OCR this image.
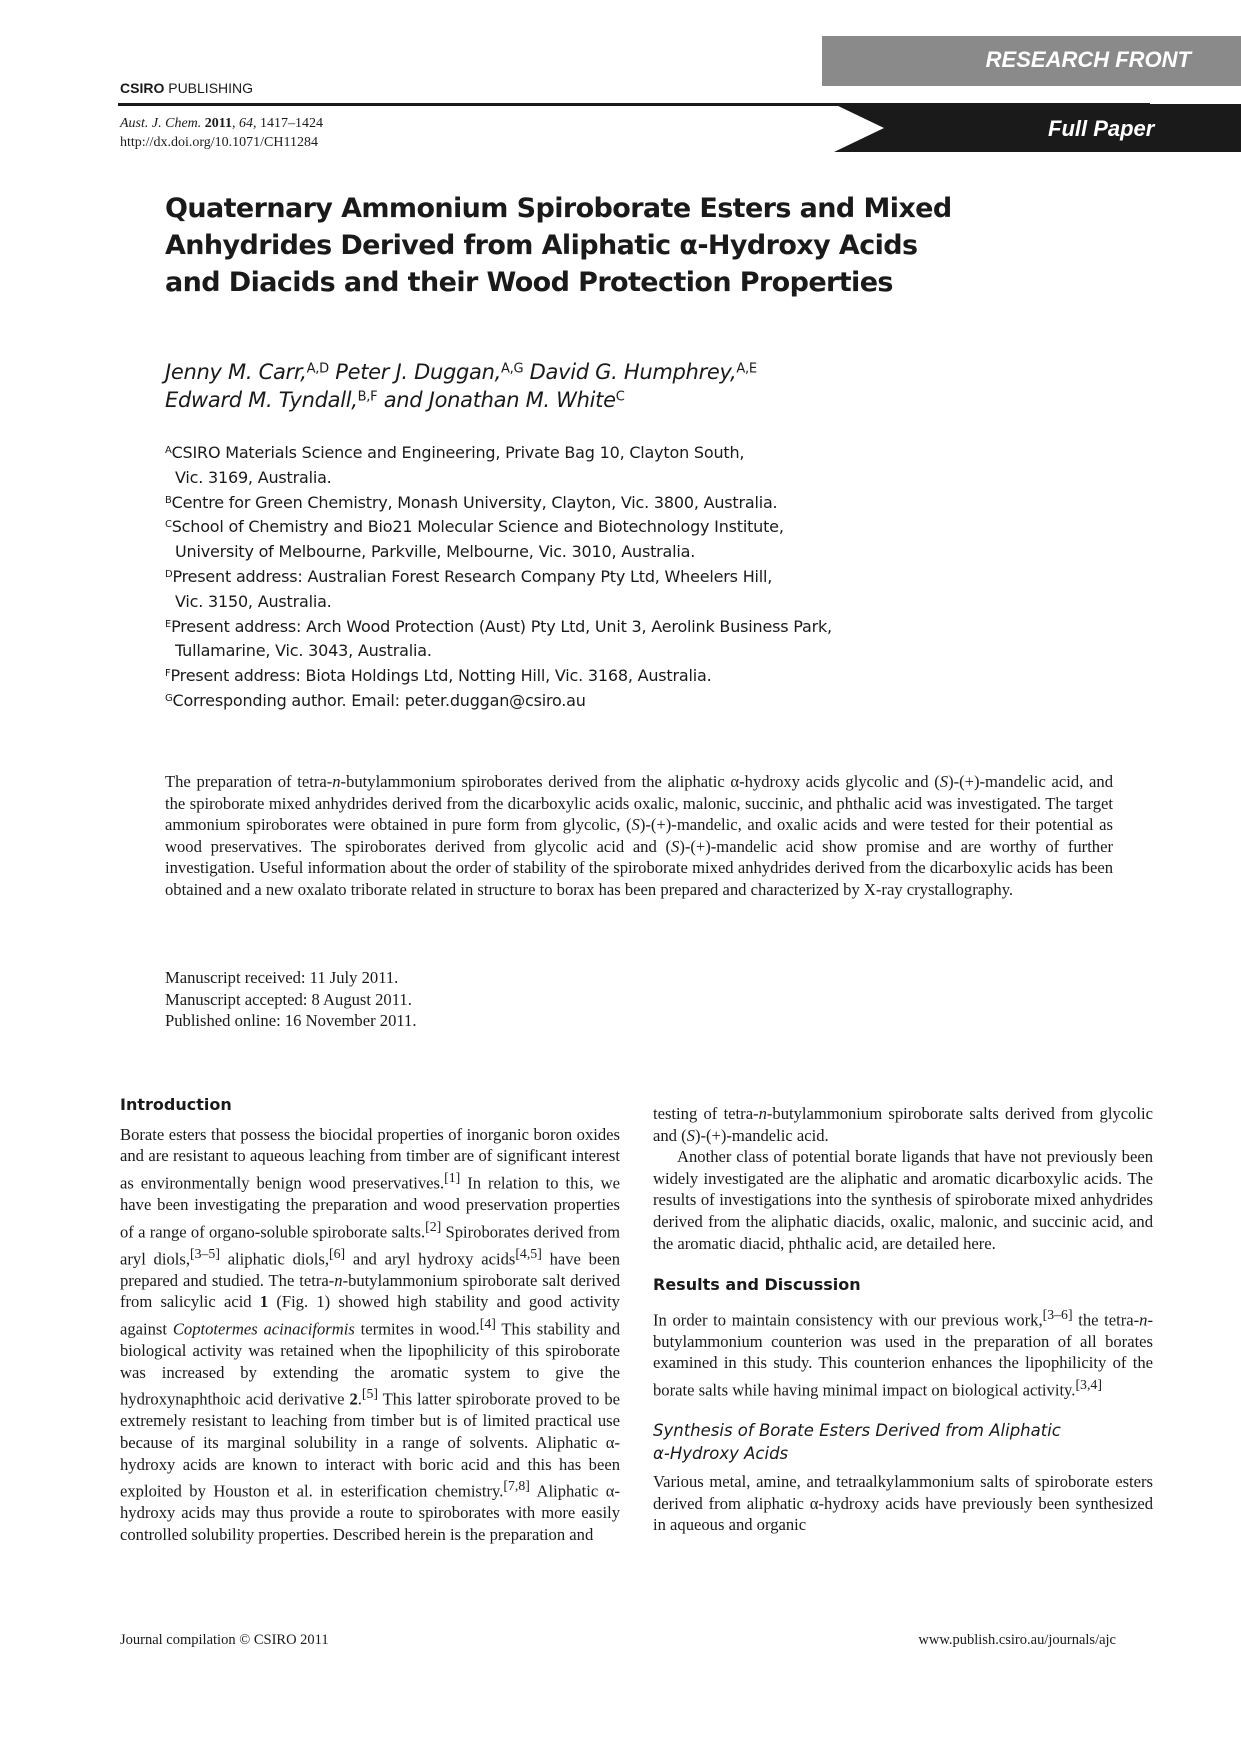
RESEARCH FRONT
CSIRO PUBLISHING
Full Paper
Aust. J. Chem. 2011, 64, 1417–1424
http://dx.doi.org/10.1071/CH11284
Quaternary Ammonium Spiroborate Esters and Mixed
Anhydrides Derived from Aliphatic α-Hydroxy Acids
and Diacids and their Wood Protection Properties
Jenny M. Carr,$^{A,D}$ Peter J. Duggan,$^{A,G}$ David G. Humphrey,$^{A,E}$
Edward M. Tyndall,$^{B,F}$ and Jonathan M. White$^C$
$^A$CSIRO Materials Science and Engineering, Private Bag 10, Clayton South,
Vic. 3169, Australia.
$^B$Centre for Green Chemistry, Monash University, Clayton, Vic. 3800, Australia.
$^C$School of Chemistry and Bio21 Molecular Science and Biotechnology Institute,
University of Melbourne, Parkville, Melbourne, Vic. 3010, Australia.
$^D$Present address: Australian Forest Research Company Pty Ltd, Wheelers Hill,
Vic. 3150, Australia.
$^E$Present address: Arch Wood Protection (Aust) Pty Ltd, Unit 3, Aerolink Business Park,
Tullamarine, Vic. 3043, Australia.
$^F$Present address: Biota Holdings Ltd, Notting Hill, Vic. 3168, Australia.
$^G$Corresponding author. Email: peter.duggan@csiro.au
The preparation of tetra-n-butylammonium spiroborates derived from the aliphatic α-hydroxy acids glycolic and (S)-(+)-mandelic acid, and the spiroborate mixed anhydrides derived from the dicarboxylic acids oxalic, malonic, succinic, and phthalic acid was investigated. The target ammonium spiroborates were obtained in pure form from glycolic, (S)-(+)-mandelic, and oxalic acids and were tested for their potential as wood preservatives. The spiroborates derived from glycolic acid and (S)-(+)-mandelic acid show promise and are worthy of further investigation. Useful information about the order of stability of the spiroborate mixed anhydrides derived from the dicarboxylic acids has been obtained and a new oxalato triborate related in structure to borax has been prepared and characterized by X-ray crystallography.
Manuscript received: 11 July 2011.
Manuscript accepted: 8 August 2011.
Published online: 16 November 2011.

Introduction

Borate esters that possess the biocidal properties of inorganic boron oxides and are resistant to aqueous leaching from timber are of significant interest as environmentally benign wood preservatives.[1] In relation to this, we have been investigating the preparation and wood preservation properties of a range of organo-soluble spiroborate salts.[2] Spiroborates derived from aryl diols,[3–5] aliphatic diols,[6] and aryl hydroxy acids[4,5] have been prepared and studied. The tetra-n-butylammonium spiroborate salt derived from salicylic acid 1 (Fig. 1) showed high stability and good activity against Coptotermes acinaciformis termites in wood.[4] This stability and biological activity was retained when the lipophilicity of this spiroborate was increased by extending the aromatic system to give the hydroxynaphthoic acid derivative 2.[5] This latter spiroborate proved to be extremely resistant to leaching from timber but is of limited practical use because of its marginal solubility in a range of solvents. Aliphatic α-hydroxy acids are known to interact with boric acid and this has been exploited by Houston et al. in esterification chemistry.[7,8] Aliphatic α-hydroxy acids may thus provide a route to spiroborates with more easily controlled solubility properties. Described herein is the preparation and

testing of tetra-n-butylammonium spiroborate salts derived from glycolic and (S)-(+)-mandelic acid.

Another class of potential borate ligands that have not previously been widely investigated are the aliphatic and aromatic dicarboxylic acids. The results of investigations into the synthesis of spiroborate mixed anhydrides derived from the aliphatic diacids, oxalic, malonic, and succinic acid, and the aromatic diacid, phthalic acid, are detailed here.

Results and Discussion

In order to maintain consistency with our previous work,[3–6] the tetra-n-butylammonium counterion was used in the preparation of all borates examined in this study. This counterion enhances the lipophilicity of the borate salts while having minimal impact on biological activity.[3,4]

Synthesis of Borate Esters Derived from Aliphatic
α-Hydroxy Acids

Various metal, amine, and tetraalkylammonium salts of spiroborate esters derived from aliphatic α-hydroxy acids have previously been synthesized in aqueous and organic

Journal compilation © CSIRO 2011	www.publish.csiro.au/journals/ajc
